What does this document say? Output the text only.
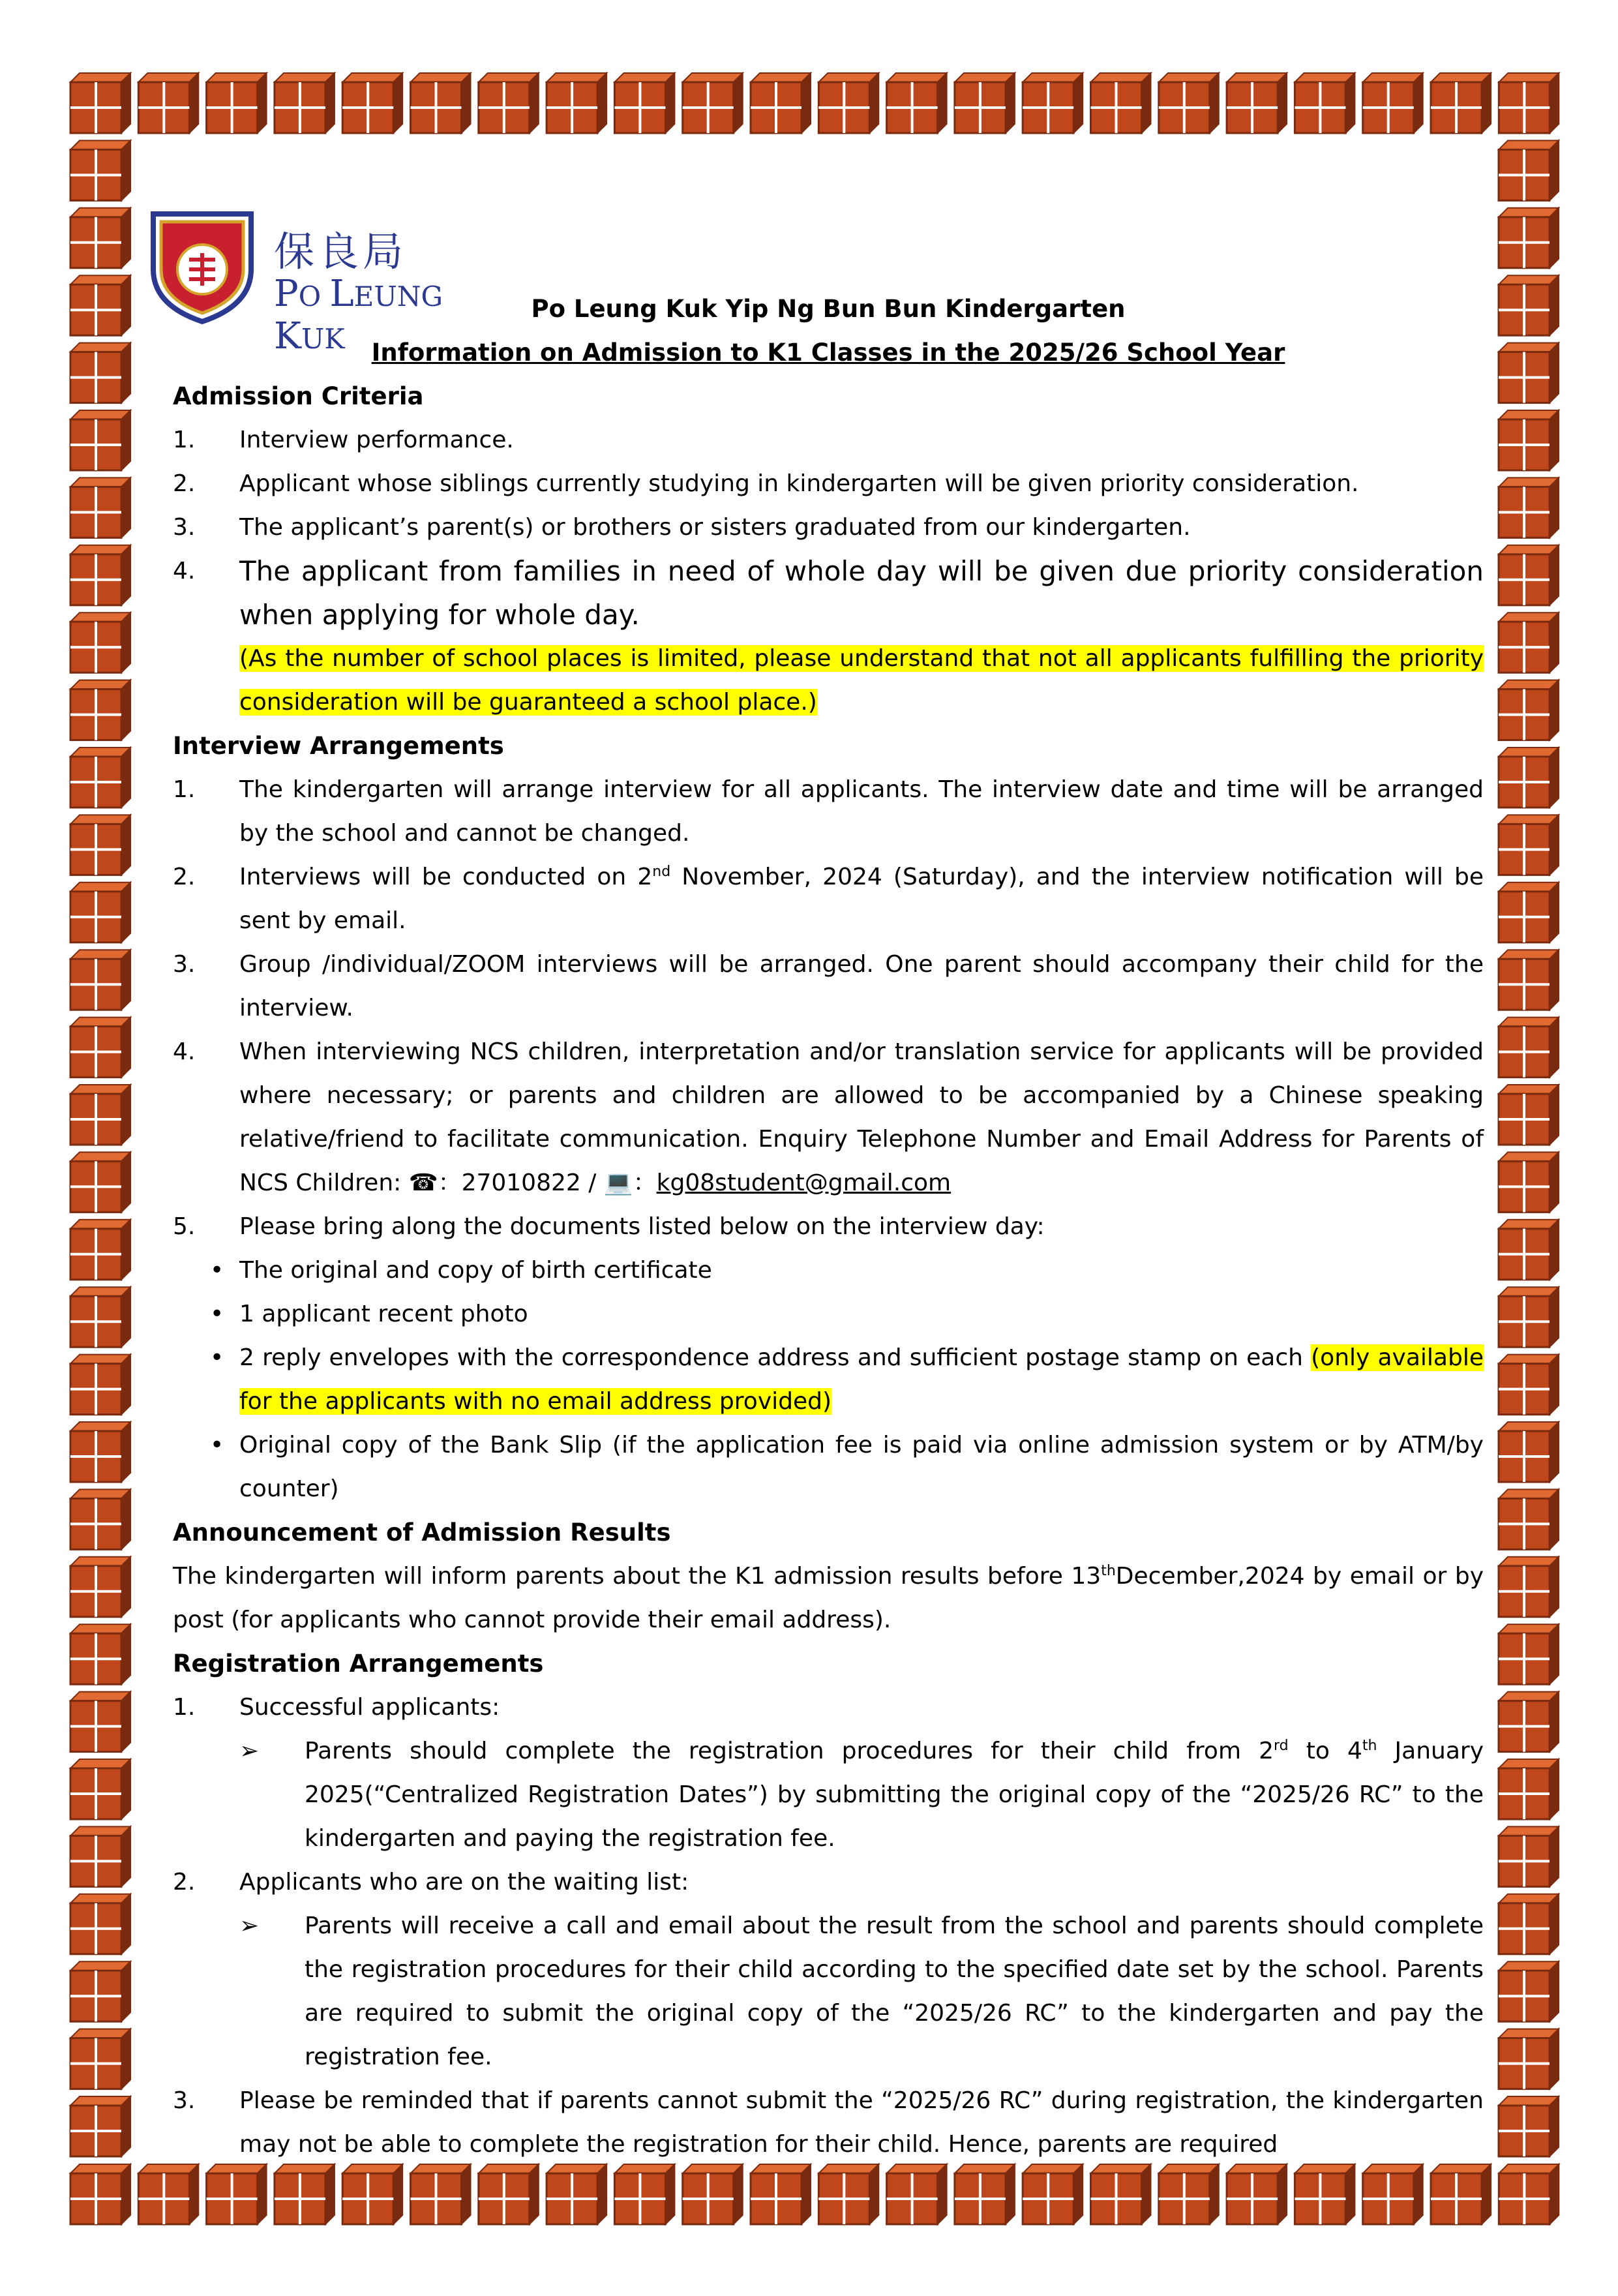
保良局
PO LEUNG KUK
Po Leung Kuk Yip Ng Bun Bun Kindergarten
Information on Admission to K1 Classes in the 2025/26 School Year
Admission Criteria
1. Interview performance.
2. Applicant whose siblings currently studying in kindergarten will be given priority consideration.
3. The applicant’s parent(s) or brothers or sisters graduated from our kindergarten.
4. The applicant from families in need of whole day will be given due priority consideration when applying for whole day.
(As the number of school places is limited, please understand that not all applicants fulfilling the priority consideration will be guaranteed a school place.)
Interview Arrangements
1. The kindergarten will arrange interview for all applicants. The interview date and time will be arranged by the school and cannot be changed.
2. Interviews will be conducted on 2nd November, 2024 (Saturday), and the interview notification will be sent by email.
3. Group /individual/ZOOM interviews will be arranged. One parent should accompany their child for the interview.
4. When interviewing NCS children, interpretation and/or translation service for applicants will be provided where necessary; or parents and children are allowed to be accompanied by a Chinese speaking relative/friend to facilitate communication. Enquiry Telephone Number and Email Address for Parents of NCS Children: ☎：27010822 / 💻：kg08student@gmail.com
5. Please bring along the documents listed below on the interview day:
• The original and copy of birth certificate
• 1 applicant recent photo
• 2 reply envelopes with the correspondence address and sufficient postage stamp on each (only available for the applicants with no email address provided)
• Original copy of the Bank Slip (if the application fee is paid via online admission system or by ATM/by counter)
Announcement of Admission Results
The kindergarten will inform parents about the K1 admission results before 13thDecember,2024 by email or by post (for applicants who cannot provide their email address).
Registration Arrangements
1. Successful applicants:
➢ Parents should complete the registration procedures for their child from 2rd to 4th January 2025(“Centralized Registration Dates”) by submitting the original copy of the “2025/26 RC” to the kindergarten and paying the registration fee.
2. Applicants who are on the waiting list:
➢ Parents will receive a call and email about the result from the school and parents should complete the registration procedures for their child according to the specified date set by the school. Parents are required to submit the original copy of the “2025/26 RC” to the kindergarten and pay the registration fee.
3. Please be reminded that if parents cannot submit the “2025/26 RC” during registration, the kindergarten may not be able to complete the registration for their child. Hence, parents are required
